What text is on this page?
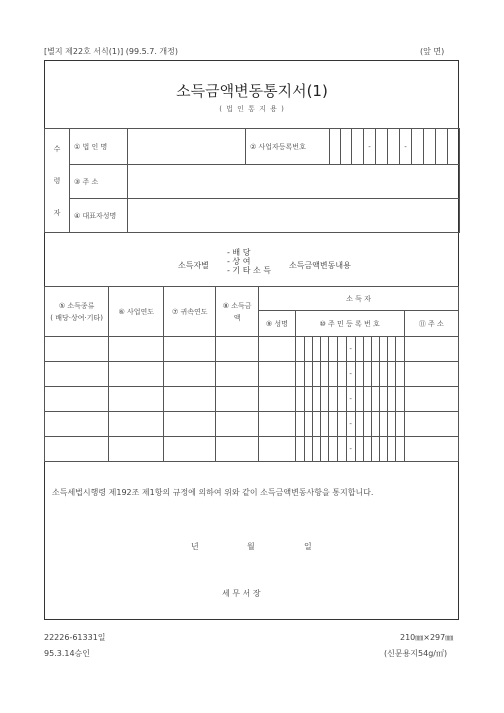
[별지 제22호 서식(1)] (99.5.7. 개정)	(앞 면)
소득금액변동통지서(1)
( 법 인 통 지 용 )
수
령
자	① 법 인 명		② 사업자등록번호				-			-				
	③ 주 소													
	④ 대표자성명													
소득자별
- 배 당
- 상 여
- 기 타 소 득
소득금액변동내용
⑤ 소득종류
( 배당·상여·기타)	⑥ 사업연도	⑦ 귀속연도	⑧ 소득금액	소 득 자														
				⑨ 성명	⑩ 주 민 등 록 번 호													⑪ 주 소
											-							
											-							
											-							
											-							
											-							
소득세법시행령 제192조 제1항의 규정에 의하여 위와 같이 소득금액변동사항을 통지합니다.
년	월	일
세 무 서 장
22226-61331일
95.3.14승인
210㎜×297㎜
(신문용지54g/㎡)
